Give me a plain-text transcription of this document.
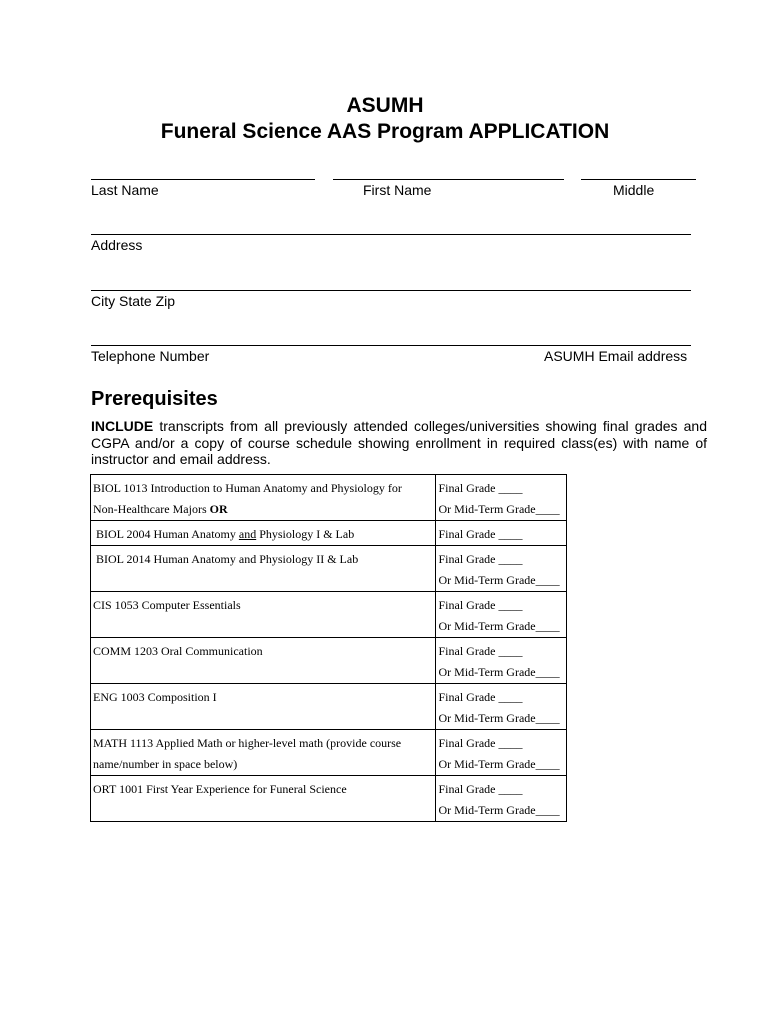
ASUMH
Funeral Science AAS Program APPLICATION
Last Name	First Name	Middle
Address
City State Zip
Telephone Number	ASUMH Email address
Prerequisites
INCLUDE transcripts from all previously attended colleges/universities showing final grades and CGPA and/or a copy of course schedule showing enrollment in required class(es) with name of instructor and email address.
BIOL 1013 Introduction to Human Anatomy and Physiology for
Non-Healthcare Majors OR	Final Grade ____
Or Mid-Term Grade____
BIOL 2004 Human Anatomy and Physiology I & Lab	Final Grade ____
BIOL 2014 Human Anatomy and Physiology II & Lab	Final Grade ____
Or Mid-Term Grade____
CIS 1053 Computer Essentials	Final Grade ____
Or Mid-Term Grade____
COMM 1203 Oral Communication	Final Grade ____
Or Mid-Term Grade____
ENG 1003 Composition I	Final Grade ____
Or Mid-Term Grade____
MATH 1113 Applied Math or higher-level math (provide course
name/number in space below)	Final Grade ____
Or Mid-Term Grade____
ORT 1001 First Year Experience for Funeral Science	Final Grade ____
Or Mid-Term Grade____
